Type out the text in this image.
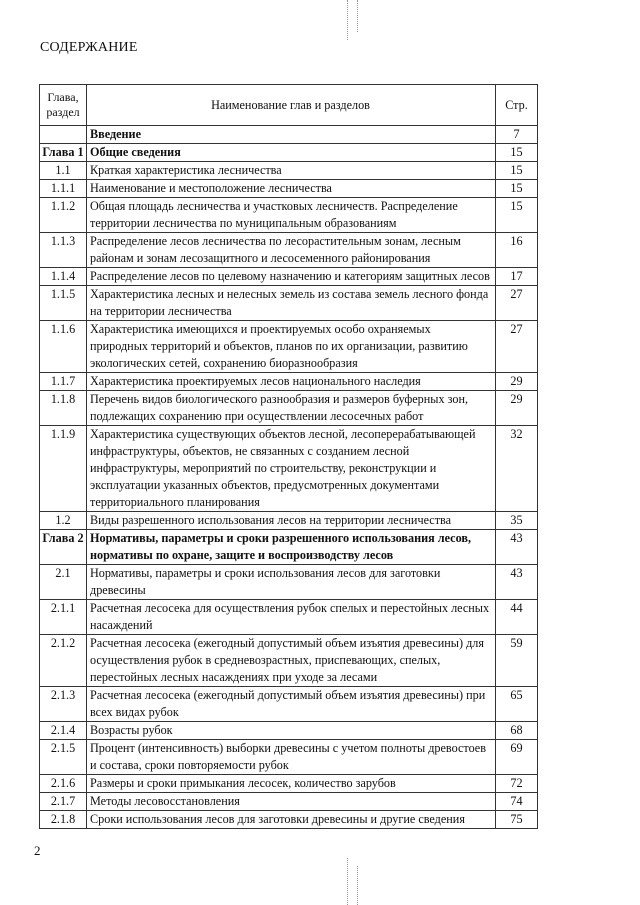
СОДЕРЖАНИЕ
Глава, раздел	Наименование глав и разделов	Стр.
	Введение	7
Глава 1	Общие сведения	15
1.1	Краткая характеристика лесничества	15
1.1.1	Наименование и местоположение лесничества	15
1.1.2	Общая площадь лесничества и участковых лесничеств. Распределение территории лесничества по муниципальным образованиям	15
1.1.3	Распределение лесов лесничества по лесорастительным зонам, лесным районам и зонам лесозащитного и лесосеменного районирования	16
1.1.4	Распределение лесов по целевому назначению и категориям защитных лесов	17
1.1.5	Характеристика лесных и нелесных земель из состава земель лесного фонда на территории лесничества	27
1.1.6	Характеристика имеющихся и проектируемых особо охраняемых природных территорий и объектов, планов по их организации, развитию экологических сетей, сохранению биоразнообразия	27
1.1.7	Характеристика проектируемых лесов национального наследия	29
1.1.8	Перечень видов биологического разнообразия и размеров буферных зон, подлежащих сохранению при осуществлении лесосечных работ	29
1.1.9	Характеристика существующих объектов лесной, лесоперерабатывающей инфраструктуры, объектов, не связанных с созданием лесной инфраструктуры, мероприятий по строительству, реконструкции и эксплуатации указанных объектов, предусмотренных документами территориального планирования	32
1.2	Виды разрешенного использования лесов на территории лесничества	35
Глава 2	Нормативы, параметры и сроки разрешенного использования лесов, нормативы по охране, защите и воспроизводству лесов	43
2.1	Нормативы, параметры и сроки использования лесов для заготовки древесины	43
2.1.1	Расчетная лесосека для осуществления рубок спелых и перестойных лесных насаждений	44
2.1.2	Расчетная лесосека (ежегодный допустимый объем изъятия древесины) для осуществления рубок в средневозрастных, приспевающих, спелых, перестойных лесных насаждениях при уходе за лесами	59
2.1.3	Расчетная лесосека (ежегодный допустимый объем изъятия древесины) при всех видах рубок	65
2.1.4	Возрасты рубок	68
2.1.5	Процент (интенсивность) выборки древесины с учетом полноты древостоев и состава, сроки повторяемости рубок	69
2.1.6	Размеры и сроки примыкания лесосек, количество зарубов	72
2.1.7	Методы лесовосстановления	74
2.1.8	Сроки использования лесов для заготовки древесины и другие сведения	75
2
